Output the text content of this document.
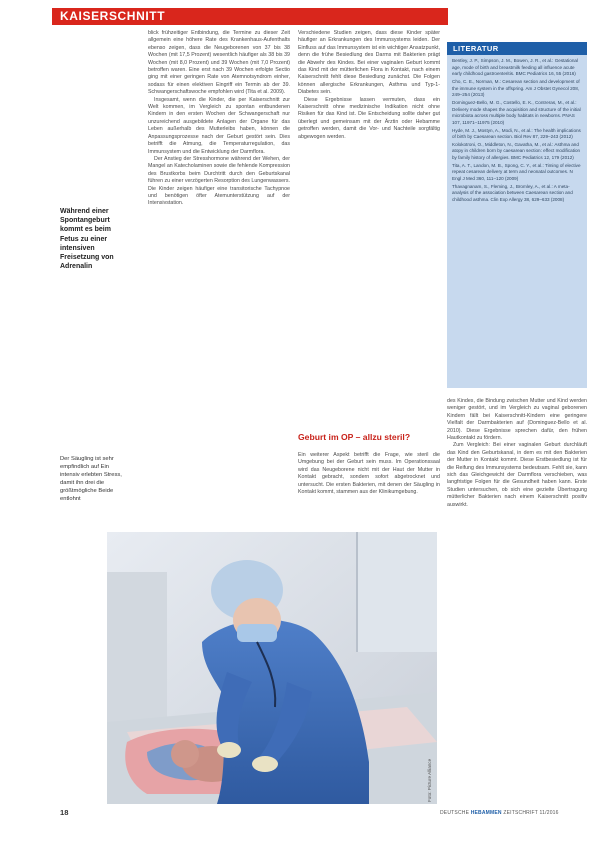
KAISERSCHNITT
Während einer Spontangeburt kommt es beim Fetus zu einer intensiven Freisetzung von Adrenalin
Der Säugling ist sehr empfindlich auf Ein intensiv erlebten Stress, damit ihn drei die größtmögliche Beide entlohnt

blick frühzeitiger Entbindung, die Termine zu dieser Zeit allgemein eine höhere Rate des Krankenhaus-Aufenthalts ebenso zeigen, dass die Neugeborenen von 37 bis 38 Wochen (mit 17,5 Prozent) wesentlich häufiger als 38 bis 39 Wochen (mit 8,0 Prozent) und 39 Wochen (mit 7,0 Prozent) betroffen waren. Eine erst nach 39 Wochen erfolgte Sectio ging mit einer geringen Rate von Atemnotsyndrom einher, sodass für einen elektiven Eingriff ein Termin ab der 39. Schwangerschaftswoche empfohlen wird (Tita et al. 2009).

Insgesamt, wenn die Kinder, die per Kaiserschnitt zur Welt kommen, im Vergleich zu spontan entbundenen Kindern in den ersten Wochen der Schwangerschaft nur unzureichend ausgebildete Anlagen der Organe für das Leben außerhalb des Mutterleibs haben, können die Anpassungsprozesse nach der Geburt gestört sein. Dies betrifft die Atmung, die Temperaturregulation, das Immunsystem und die Entwicklung der Darmflora.

Der Anstieg der Stresshormone während der Wehen, der Mangel an Katecholaminen sowie die fehlende Kompression des Brustkorbs beim Durchtritt durch den Geburtskanal führen zu einer verzögerten Resorption des Lungenwassers. Die Kinder zeigen häufiger eine transitorische Tachypnoe und benötigen öfter Atemunterstützung auf der Intensivstation.

Verschiedene Studien zeigen, dass diese Kinder später häufiger an Erkrankungen des Immunsystems leiden. Der Einfluss auf das Immunsystem ist ein wichtiger Ansatzpunkt, denn die frühe Besiedlung des Darms mit Bakterien prägt die Abwehr des Kindes. Bei einer vaginalen Geburt kommt das Kind mit der mütterlichen Flora in Kontakt, nach einem Kaiserschnitt fehlt diese Besiedlung zunächst. Die Folgen können allergische Erkrankungen, Asthma und Typ-1-Diabetes sein.

Diese Ergebnisse lassen vermuten, dass ein Kaiserschnitt ohne medizinische Indikation nicht ohne Risiken für das Kind ist. Die Entscheidung sollte daher gut überlegt und gemeinsam mit der Ärztin oder Hebamme getroffen werden, damit die Vor- und Nachteile sorgfältig abgewogen werden.

Geburt im OP – allzu steril?

Ein weiterer Aspekt betrifft die Frage, wie steril die Umgebung bei der Geburt sein muss. Im Operationssaal wird das Neugeborene nicht mit der Haut der Mutter in Kontakt gebracht, sondern sofort abgetrocknet und untersucht. Die ersten Bakterien, mit denen der Säugling in Kontakt kommt, stammen aus der Klinikumgebung.

LITERATUR
Bentley, J. P., Simpson, J. M., Bowen, J. R., et al.: Gestational age, mode of birth and breastmilk feeding all influence acute early childhood gastroenteritis. BMC Pediatrics 16, 55 (2016)
Cho, C. E., Norman, M.: Cesarean section and development of the immune system in the offspring. Am J Obstet Gynecol 208, 249–254 (2013)
Dominguez-Bello, M. G., Costello, E. K., Contreras, M., et al.: Delivery mode shapes the acquisition and structure of the initial microbiota across multiple body habitats in newborns. PNAS 107, 11971–11975 (2010)
Hyde, M. J., Mostyn, A., Modi, N., et al.: The health implications of birth by Caesarean section. Biol Rev 87, 229–243 (2012)
Kolokotroni, O., Middleton, N., Gavatha, M., et al.: Asthma and atopy in children born by caesarean section: effect modification by family history of allergies. BMC Pediatrics 12, 179 (2012)
Tita, A. T., Landon, M. B., Spong, C. Y., et al.: Timing of elective repeat cesarean delivery at term and neonatal outcomes. N Engl J Med 360, 111–120 (2009)
Thavagnanam, S., Fleming, J., Bromley, A., et al.: A meta-analysis of the association between Caesarean section and childhood asthma. Clin Exp Allergy 38, 629–633 (2008)

des Kindes, die Bindung zwischen Mutter und Kind werden weniger gestört, und im Vergleich zu vaginal geborenen Kindern fällt bei Kaiserschnitt-Kindern eine geringere Vielfalt der Darmbakterien auf (Dominguez-Bello et al. 2010). Diese Ergebnisse sprechen dafür, den frühen Hautkontakt zu fördern.

Zum Vergleich: Bei einer vaginalen Geburt durchläuft das Kind den Geburtskanal, in dem es mit den Bakterien der Mutter in Kontakt kommt. Diese Erstbesiedlung ist für die Reifung des Immunsystems bedeutsam. Fehlt sie, kann sich das Gleichgewicht der Darmflora verschieben, was langfristige Folgen für die Gesundheit haben kann. Erste Studien untersuchen, ob sich eine gezielte Übertragung mütterlicher Bakterien nach einem Kaiserschnitt positiv auswirkt.

Foto: Picture Alliance
18	DEUTSCHE HEBAMMEN ZEITSCHRIFT 11/2016
